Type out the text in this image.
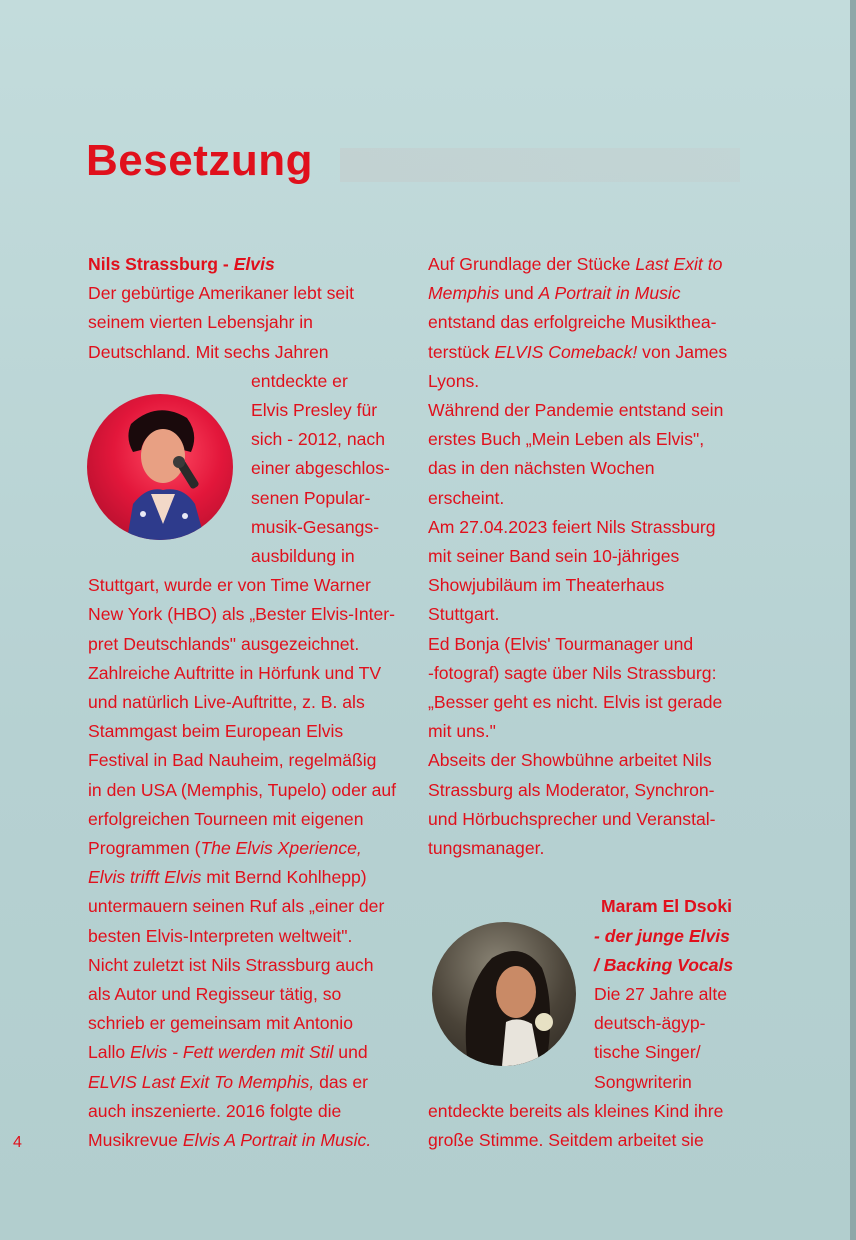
Besetzung

Nils Strassburg - Elvis

Der gebürtige Amerikaner lebt seit

seinem vierten Lebensjahr in

Deutschland. Mit sechs Jahren

entdeckte er

Elvis Presley für

sich - 2012, nach

einer abgeschlos-

senen Popular-

musik-Gesangs-

ausbildung in

Stuttgart, wurde er von Time Warner

New York (HBO) als „Bester Elvis-Inter-

pret Deutschlands" ausgezeichnet.

Zahlreiche Auftritte in Hörfunk und TV

und natürlich Live-Auftritte, z. B. als

Stammgast beim European Elvis

Festival in Bad Nauheim, regelmäßig

in den USA (Memphis, Tupelo) oder auf

erfolgreichen Tourneen mit eigenen

Programmen (The Elvis Xperience,

Elvis trifft Elvis mit Bernd Kohlhepp)

untermauern seinen Ruf als „einer der

besten Elvis-Interpreten weltweit".

Nicht zuletzt ist Nils Strassburg auch

als Autor und Regisseur tätig, so

schrieb er gemeinsam mit Antonio

Lallo Elvis - Fett werden mit Stil und

ELVIS Last Exit To Memphis, das er

auch inszenierte. 2016 folgte die

Musikrevue Elvis A Portrait in Music.

Auf Grundlage der Stücke Last Exit to

Memphis und A Portrait in Music

entstand das erfolgreiche Musikthea-

terstück ELVIS Comeback! von James

Lyons.

Während der Pandemie entstand sein

erstes Buch „Mein Leben als Elvis",

das in den nächsten Wochen

erscheint.

Am 27.04.2023 feiert Nils Strassburg

mit seiner Band sein 10-jähriges

Showjubiläum im Theaterhaus

Stuttgart.

Ed Bonja (Elvis' Tourmanager und

-fotograf) sagte über Nils Strassburg:

„Besser geht es nicht. Elvis ist gerade

mit uns."

Abseits der Showbühne arbeitet Nils

Strassburg als Moderator, Synchron-

und Hörbuchsprecher und Veranstal-

tungsmanager.

Maram El Dsoki

- der junge Elvis

/ Backing Vocals

Die 27 Jahre alte

deutsch-ägyp-

tische Singer/

Songwriterin

entdeckte bereits als kleines Kind ihre

große Stimme. Seitdem arbeitet sie

4
